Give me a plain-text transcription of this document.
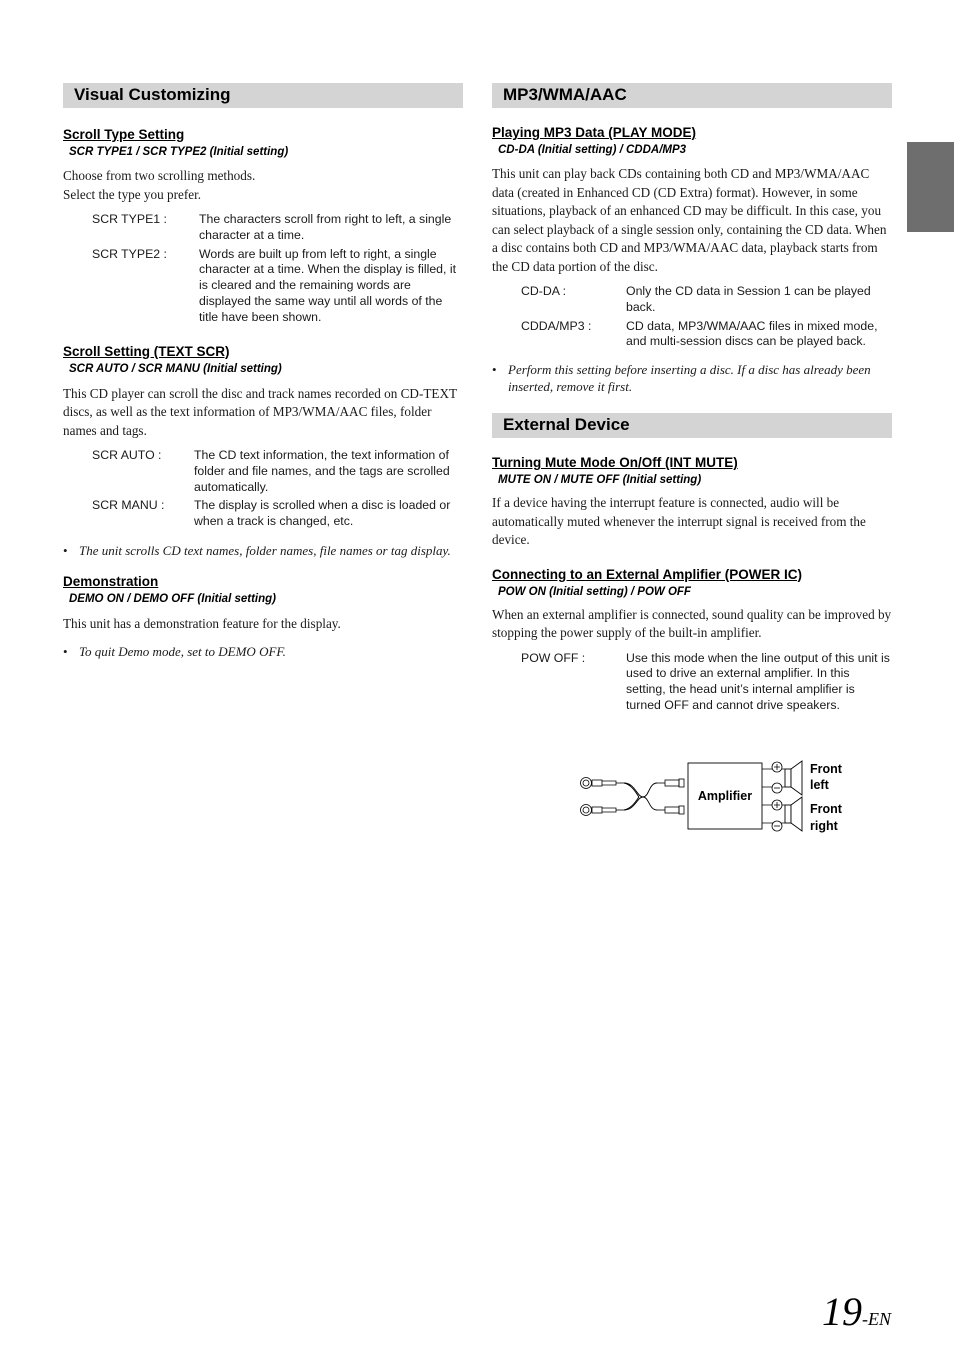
Visual Customizing
Scroll Type Setting
SCR TYPE1 / SCR TYPE2 (Initial setting)
Choose from two scrolling methods.
Select the type you prefer.
SCR TYPE1 :	The characters scroll from right to left, a single character at a time.
SCR TYPE2 :	Words are built up from left to right, a single character at a time. When the display is filled, it is cleared and the remaining words are displayed the same way until all words of the title have been shown.
Scroll Setting (TEXT SCR)
SCR AUTO / SCR MANU (Initial setting)
This CD player can scroll the disc and track names recorded on CD-TEXT discs, as well as the text information of MP3/WMA/AAC files, folder names and tags.
SCR AUTO :	The CD text information, the text information of folder and file names, and the tags are scrolled automatically.
SCR MANU :	The display is scrolled when a disc is loaded or when a track is changed, etc.
• The unit scrolls CD text names, folder names, file names or tag display.
Demonstration
DEMO ON / DEMO OFF (Initial setting)
This unit has a demonstration feature for the display.
• To quit Demo mode, set to DEMO OFF.
MP3/WMA/AAC
Playing MP3 Data (PLAY MODE)
CD-DA (Initial setting) / CDDA/MP3
This unit can play back CDs containing both CD and MP3/WMA/AAC data (created in Enhanced CD (CD Extra) format). However, in some situations, playback of an enhanced CD may be difficult. In this case, you can select playback of a single session only, containing the CD data. When a disc contains both CD and MP3/WMA/AAC data, playback starts from the CD data portion of the disc.
CD-DA :	Only the CD data in Session 1 can be played back.
CDDA/MP3 :	CD data, MP3/WMA/AAC files in mixed mode, and multi-session discs can be played back.
• Perform this setting before inserting a disc. If a disc has already been inserted, remove it first.
External Device
Turning Mute Mode On/Off (INT MUTE)
MUTE ON / MUTE OFF (Initial setting)
If a device having the interrupt feature is connected, audio will be automatically muted whenever the interrupt signal is received from the device.
Connecting to an External Amplifier (POWER IC)
POW ON (Initial setting) / POW OFF
When an external amplifier is connected, sound quality can be improved by stopping the power supply of the built-in amplifier.
POW OFF :	Use this mode when the line output of this unit is used to drive an external amplifier. In this setting, the head unit’s internal amplifier is turned OFF and cannot drive speakers.
Amplifier
Front
left
Front
right
19-EN
